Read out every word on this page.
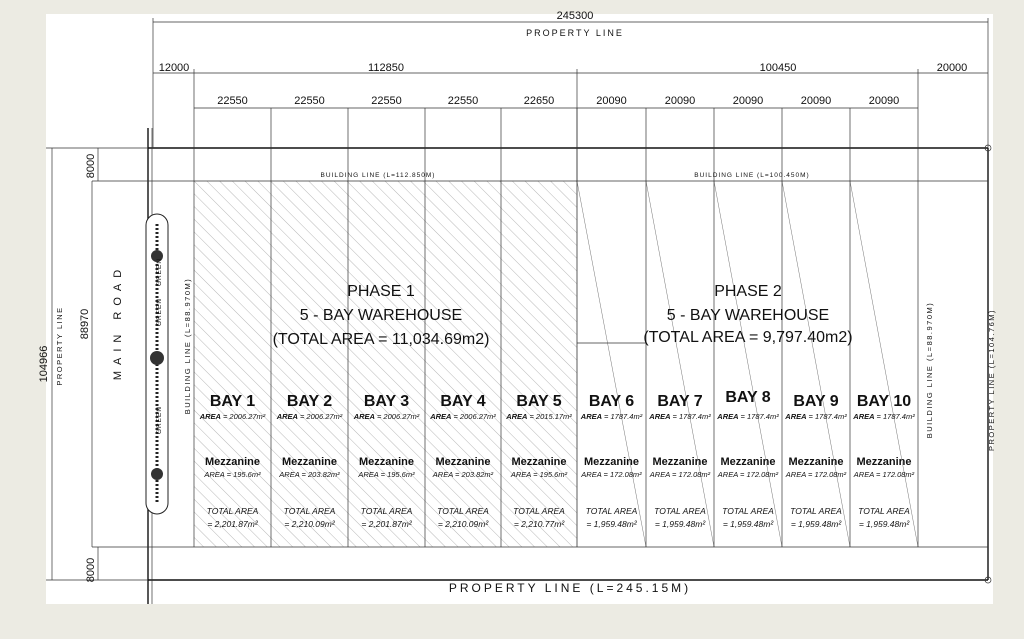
245300
PROPERTY LINE
12000	112850	100450	20000
BUILDING LINE (L=112.850M)	BUILDING LINE (L=100.450M)
104966 PROPERTY LINE 88970
8000
8000
MAIN ROAD	GREEN
GREEN
GREEN
BUILDING LINE (L=88.970M)	BUILDING LINE (L=88.970M)	PROPERTY LINE (L=104.76M)
PROPERTY LINE (L=245.15M)
PHASE 1
5 - BAY WAREHOUSE
(TOTAL AREA = 11,034.69m2)
PHASE 2
5 - BAY WAREHOUSE
(TOTAL AREA = 9,797.40m2)
22550	22550	22550	22550	22650	20090	20090	20090	20090	20090
BAY 1
AREA = 2006.27m²
Mezzanine
AREA = 195.6m²
TOTAL AREA
= 2,201.87m²
BAY 2
AREA = 2006.27m²
Mezzanine
AREA = 203.82m²
TOTAL AREA
= 2,210.09m²
BAY 3
AREA = 2006.27m²
Mezzanine
AREA = 195.6m²
TOTAL AREA
= 2,201.87m²
BAY 4
AREA = 2006.27m²
Mezzanine
AREA = 203.82m²
TOTAL AREA
= 2,210.09m²
BAY 5
AREA = 2015.17m²
Mezzanine
AREA = 195.6m²
TOTAL AREA
= 2,210.77m²
BAY 6
AREA = 1787.4m²
Mezzanine
AREA = 172.08m²
TOTAL AREA
= 1,959.48m²
BAY 7
AREA = 1787.4m²
Mezzanine
AREA = 172.08m²
TOTAL AREA
= 1,959.48m²
BAY 8
AREA = 1787.4m²
Mezzanine
AREA = 172.08m²
TOTAL AREA
= 1,959.48m²
BAY 9
AREA = 1787.4m²
Mezzanine
AREA = 172.08m²
TOTAL AREA
= 1,959.48m²
BAY 10
AREA = 1787.4m²
Mezzanine
AREA = 172.08m²
TOTAL AREA
= 1,959.48m²
